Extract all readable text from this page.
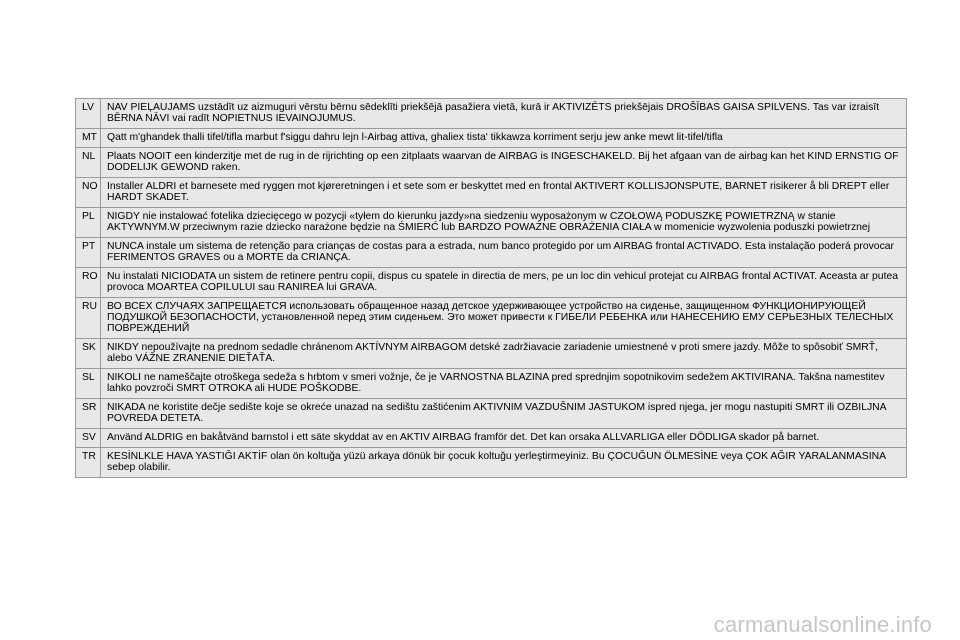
LV	NAV PIEĻAUJAMS uzstādīt uz aizmuguri vērstu bērnu sēdeklīti priekšējā pasažiera vietā, kurā ir AKTIVIZĒTS priekšējais DROŠĪBAS GAISA SPILVENS. Tas var izraisīt BĒRNA NĀVI vai radīt NOPIETNUS IEVAINOJUMUS.
MT	Qatt m'ghandek thalli tifel/tifla marbut f'siggu dahru lejn l-Airbag attiva, ghaliex tista' tikkawza korriment serju jew anke mewt lit-tifel/tifla
NL	Plaats NOOIT een kinderzitje met de rug in de rijrichting op een zitplaats waarvan de AIRBAG is INGESCHAKELD. Bij het afgaan van de airbag kan het KIND ERNSTIG OF DODELIJK GEWOND raken.
NO	Installer ALDRI et barnesete med ryggen mot kjøreretningen i et sete som er beskyttet med en frontal AKTIVERT KOLLISJONSPUTE, BARNET risikerer å bli DREPT eller HARDT SKADET.
PL	NIGDY nie instalować fotelika dziecięcego w pozycji «tyłem do kierunku jazdy»na siedzeniu wyposażonym w CZOŁOWĄ PODUSZKĘ POWIETRZNĄ w stanie AKTYWNYM.W przeciwnym razie dziecko narażone będzie na ŚMIERĆ lub BARDZO POWAŻNE OBRAŻENIA CIAŁA w momenicie wyzwolenia poduszki powietrznej
PT	NUNCA instale um sistema de retenção para crianças de costas para a estrada, num banco protegido por um AIRBAG frontal ACTIVADO. Esta instalação poderá provocar FERIMENTOS GRAVES ou a MORTE da CRIANÇA.
RO	Nu instalati NICIODATA un sistem de retinere pentru copii, dispus cu spatele in directia de mers, pe un loc din vehicul protejat cu AIRBAG frontal ACTIVAT. Aceasta ar putea provoca MOARTEA COPILULUI sau RANIREA lui GRAVA.
RU	ВО ВСЕХ СЛУЧАЯХ ЗАПРЕЩАЕТСЯ использовать обращенное назад детское удерживающее устройство на сиденье, защищенном ФУНКЦИОНИРУЮЩЕЙ ПОДУШКОЙ БЕЗОПАСНОСТИ, установленной перед этим сиденьем. Это может привести к ГИБЕЛИ РЕБЕНКА или НАНЕСЕНИЮ ЕМУ СЕРЬЕЗНЫХ ТЕЛЕСНЫХ ПОВРЕЖДЕНИЙ
SK	NIKDY nepoužívajte na prednom sedadle chránenom AKTÍVNYM AIRBAGOM detské zadržiavacie zariadenie umiestnené v proti smere jazdy. Môže to spôsobiť SMRŤ, alebo VÁŽNE ZRANENIE DIEŤAŤA.
SL	NIKOLI ne nameščajte otroškega sedeža s hrbtom v smeri vožnje, če je VARNOSTNA BLAZINA pred sprednjim sopotnikovim sedežem AKTIVIRANA. Takšna namestitev lahko povzroči SMRT OTROKA ali HUDE POŠKODBE.
SR	NIKADA ne koristite dečje sedište koje se okreće unazad na sedištu zaštićenim AKTIVNIM VAZDUŠNIM JASTUKOM ispred njega, jer mogu nastupiti SMRT ili OZBILJNA POVREDA DETETA.
SV	Använd ALDRIG en bakåtvänd barnstol i ett säte skyddat av en AKTIV AIRBAG framför det. Det kan orsaka ALLVARLIGA eller DÖDLIGA skador på barnet.
TR	KESİNLKLE HAVA YASTIĞI AKTİF olan ön koltuğa yüzü arkaya dönük bir çocuk koltuğu yerleştirmeyiniz. Bu ÇOCUĞUN ÖLMESİNE veya ÇOK AĞIR YARALANMASINA sebep olabilir.
carmanualsonline.info
